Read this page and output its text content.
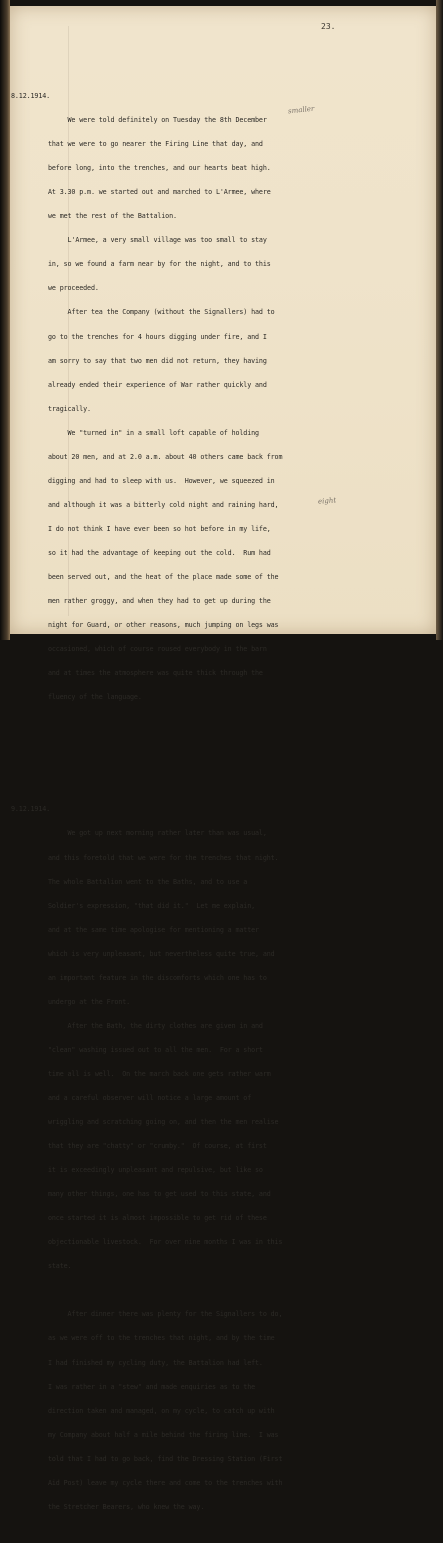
23.

8.12.1914.

We were told definitely on Tuesday the 8th December

that we were to go nearer the Firing Line that day, and

before long, into the trenches, and our hearts beat high.

At 3.30 p.m. we started out and marched to L'Armee, where

we met the rest of the Battalion.

L'Armee, a very small village was too small to stay

in, so we found a farm near by for the night, and to this

we proceeded.

After tea the Company (without the Signallers) had to

go to the trenches for 4 hours digging under fire, and I

am sorry to say that two men did not return, they having

already ended their experience of War rather quickly and

tragically.

We "turned in" in a small loft capable of holding

about 20 men, and at 2.0 a.m. about 40 others came back from

digging and had to sleep with us.  However, we squeezed in

and although it was a bitterly cold night and raining hard,

I do not think I have ever been so hot before in my life,

so it had the advantage of keeping out the cold.  Rum had

been served out, and the heat of the place made some of the

men rather groggy, and when they had to get up during the

night for Guard, or other reasons, much jumping on legs was

occasioned, which of course roused everybody in the barn

and at times the atmosphere was quite thick through the

fluency of the language.

9.12.1914.

We got up next morning rather later than was usual,

and this foretold that we were for the trenches that night.

The whole Battalion went to the Baths, and to use a

Soldier's expression, "that did it."  Let me explain,

and at the same time apologise for mentioning a matter

which is very unpleasant, but nevertheless quite true, and

an important feature in the discomforts which one has to

undergo at the Front.

After the Bath, the dirty clothes are given in and

"clean" washing issued out to all the men.  For a short

time all is well.  On the march back one gets rather warm

and a careful observer will notice a large amount of

wriggling and scratching going on, and then the men realise

that they are "chatty" or "crumby."  Of course, at first

it is exceedingly unpleasant and repulsive, but like so

many other things, one has to get used to this state, and

once started it is almost impossible to get rid of these

objectionable livestock.  For over nine months I was in this

state.

After dinner there was plenty for the Signallers to do,

as we were off to the trenches that night, and by the time

I had finished my cycling duty, the Battalion had left.

I was rather in a "stew" and made enquiries as to the

direction taken and managed, on my cycle, to catch up with

my Company about half a mile behind the firing line.  I was

told that I had to go back, find the Dressing Station (First

Aid Post) leave my cycle there and come to the trenches with

the Stretcher Bearers, who knew the way.

smaller
eight
